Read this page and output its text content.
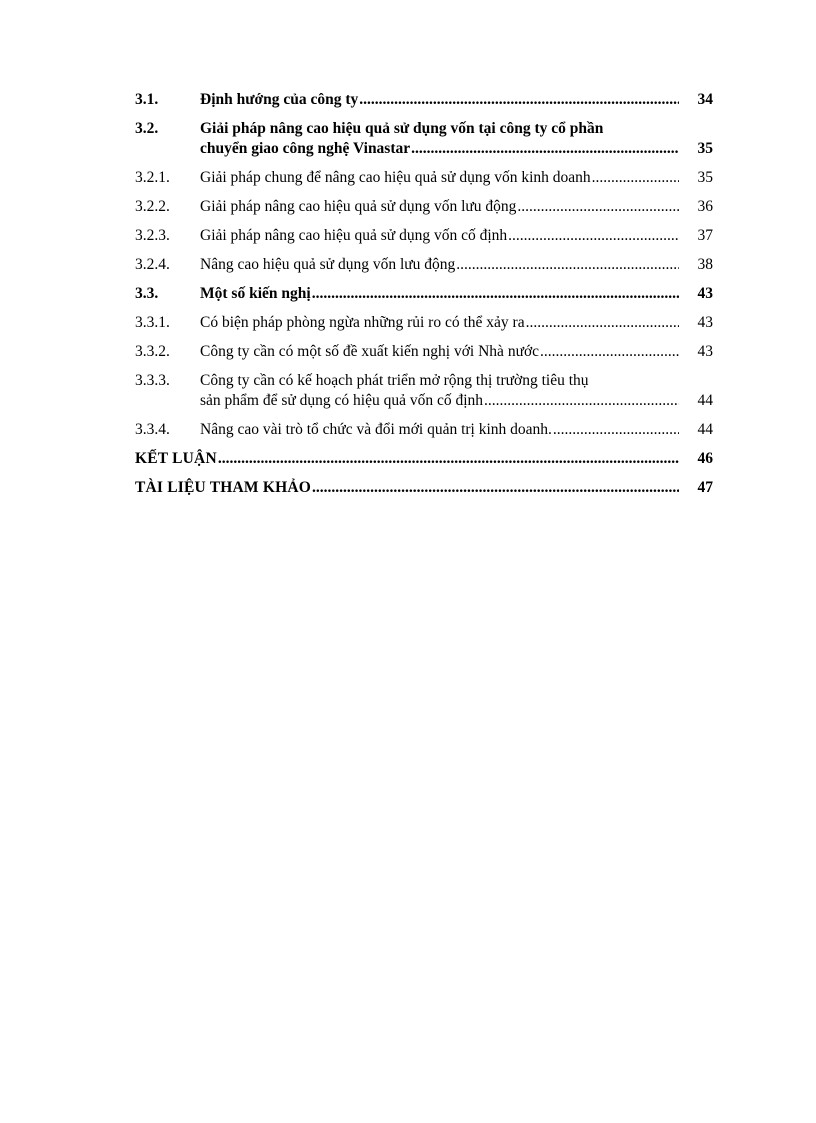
3.1.	Định hướng của công ty .....	34
3.2.	Giải pháp nâng cao hiệu quả sử dụng vốn tại công ty cổ phần
chuyển giao công nghệ Vinastar .....	35
3.2.1.	Giải pháp chung để nâng cao hiệu quả sử dụng vốn kinh doanh .....	35
3.2.2.	Giải pháp nâng cao hiệu quả sử dụng vốn lưu động .....	36
3.2.3.	Giải pháp nâng cao hiệu quả sử dụng vốn cố định .....	37
3.2.4.	Nâng cao hiệu quả sử dụng vốn lưu động .....	38
3.3.	Một số kiến nghị .....	43
3.3.1.	Có biện pháp phòng ngừa những rủi ro có thể xảy ra .....	43
3.3.2.	Công ty cần có một số đề xuất kiến nghị với Nhà nước .....	43
3.3.3.	Công ty cần có kế hoạch phát triển mở rộng thị trường tiêu thụ
sản phẩm để sử dụng có hiệu quả vốn cố định .....	44
3.3.4.	Nâng cao vài trò tổ chức và đổi mới quản trị kinh doanh. .....	44
KẾT LUẬN .....	46
TÀI LIỆU THAM KHẢO .....	47
